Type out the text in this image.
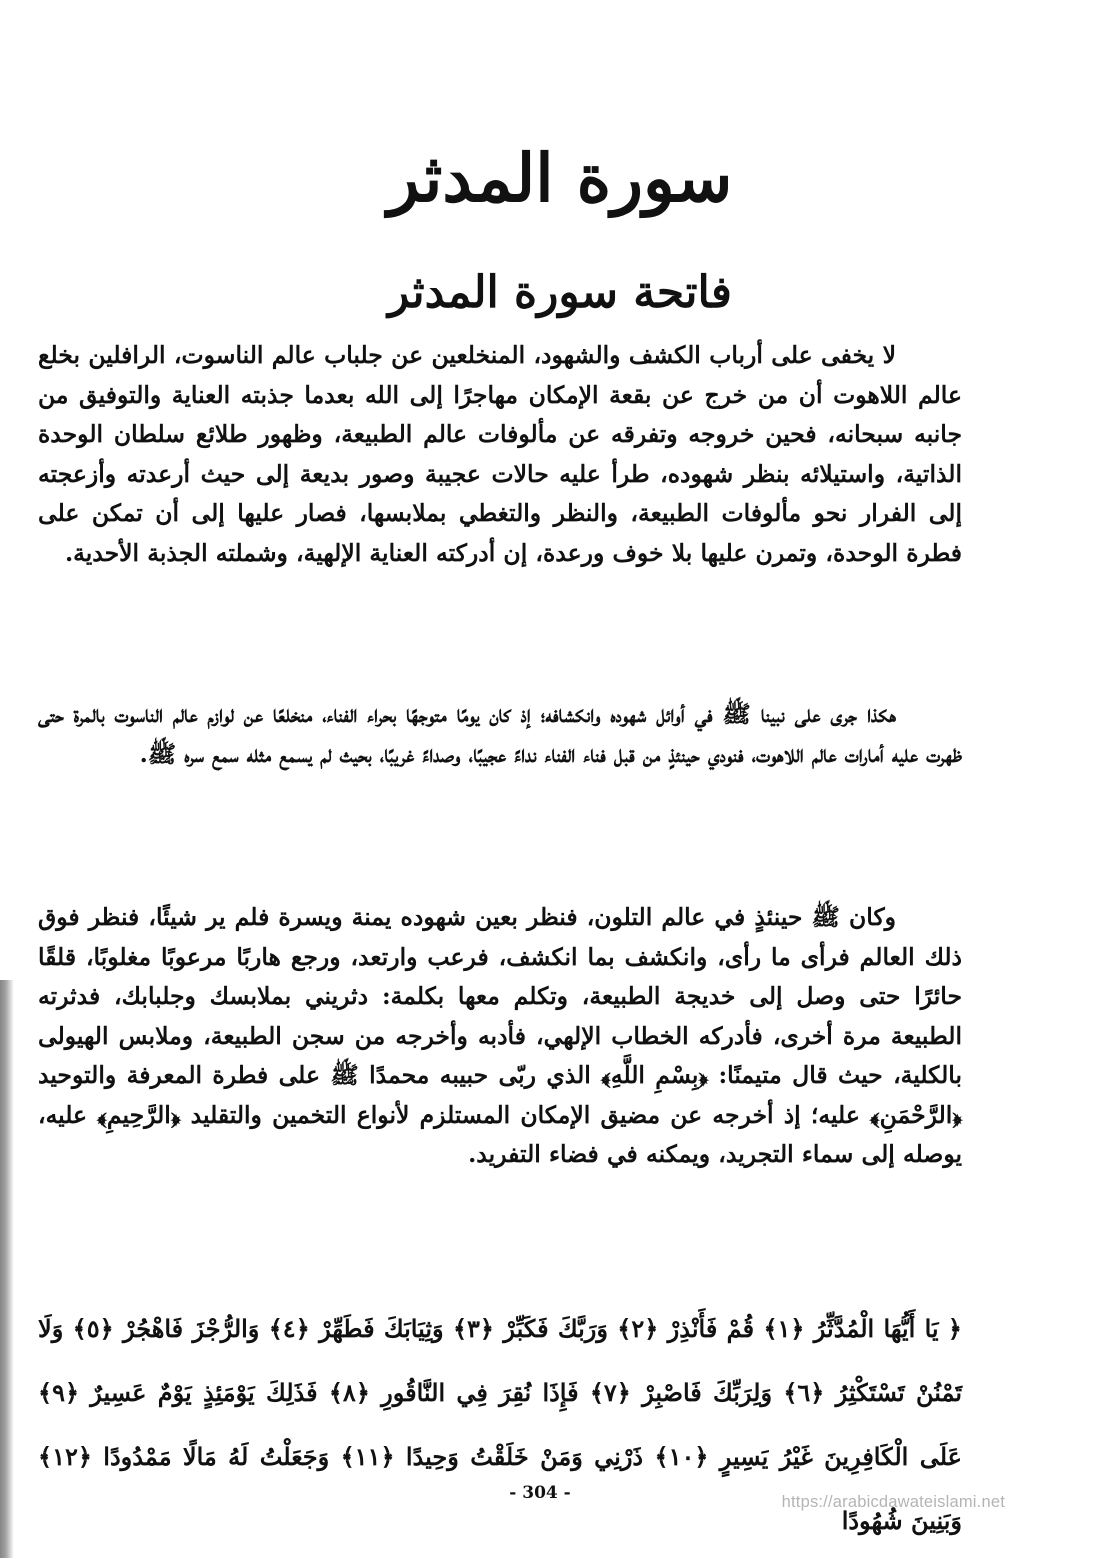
سورة المدثر
فاتحة سورة المدثر
لا يخفى على أرباب الكشف والشهود، المنخلعين عن جلباب عالم الناسوت، الرافلين بخلع عالم اللاهوت أن من خرج عن بقعة الإمكان مهاجرًا إلى الله بعدما جذبته العناية والتوفيق من جانبه سبحانه، فحين خروجه وتفرقه عن مألوفات عالم الطبيعة، وظهور طلائع سلطان الوحدة الذاتية، واستيلائه بنظر شهوده، طرأ عليه حالات عجيبة وصور بديعة إلى حيث أرعدته وأزعجته إلى الفرار نحو مألوفات الطبيعة، والنظر والتغطي بملابسها، فصار عليها إلى أن تمكن على فطرة الوحدة، وتمرن عليها بلا خوف ورعدة، إن أدركته العناية الإلهية، وشملته الجذبة الأحدية.
هكذا جرى على نبينا ﷺ في أوائل شهوده وانكشافه؛ إذ كان يومًا متوجهًا بحراء الفناء، منخلعًا عن لوازم عالم الناسوت بالمرة حتى ظهرت عليه أمارات عالم اللاهوت، فنودي حينئذٍ من قبل فناء الفناء نداءً عجيبًا، وصداءً غريبًا، بحيث لم يسمع مثله سمع سره ﷺ.
وكان ﷺ حينئذٍ في عالم التلون، فنظر بعين شهوده يمنة ويسرة فلم ير شيئًا، فنظر فوق ذلك العالم فرأى ما رأى، وانكشف بما انكشف، فرعب وارتعد، ورجع هاربًا مرعوبًا مغلوبًا، قلقًا حائرًا حتى وصل إلى خديجة الطبيعة، وتكلم معها بكلمة: دثريني بملابسك وجلبابك، فدثرته الطبيعة مرة أخرى، فأدركه الخطاب الإلهي، فأدبه وأخرجه من سجن الطبيعة، وملابس الهيولى بالكلية، حيث قال متيمنًا: ﴿بِسْمِ اللَّهِ﴾ الذي ربّى حبيبه محمدًا ﷺ على فطرة المعرفة والتوحيد ﴿الرَّحْمَنِ﴾ عليه؛ إذ أخرجه عن مضيق الإمكان المستلزم لأنواع التخمين والتقليد ﴿الرَّحِيمِ﴾ عليه، يوصله إلى سماء التجريد، ويمكنه في فضاء التفريد.
﴿ يَا أَيُّهَا الْمُدَّثِّرُ ﴿١﴾ قُمْ فَأَنْذِرْ ﴿٢﴾ وَرَبَّكَ فَكَبِّرْ ﴿٣﴾ وَثِيَابَكَ فَطَهِّرْ ﴿٤﴾ وَالرُّجْزَ فَاهْجُرْ ﴿٥﴾ وَلَا تَمْنُنْ تَسْتَكْثِرُ ﴿٦﴾ وَلِرَبِّكَ فَاصْبِرْ ﴿٧﴾ فَإِذَا نُقِرَ فِي النَّاقُورِ ﴿٨﴾ فَذَلِكَ يَوْمَئِذٍ يَوْمٌ عَسِيرٌ ﴿٩﴾ عَلَى الْكَافِرِينَ غَيْرُ يَسِيرٍ ﴿١٠﴾ ذَرْنِي وَمَنْ خَلَقْتُ وَحِيدًا ﴿١١﴾ وَجَعَلْتُ لَهُ مَالًا مَمْدُودًا ﴿١٢﴾ وَبَنِينَ شُهُودًا
- 304 -	https://arabicdawateislami.net
